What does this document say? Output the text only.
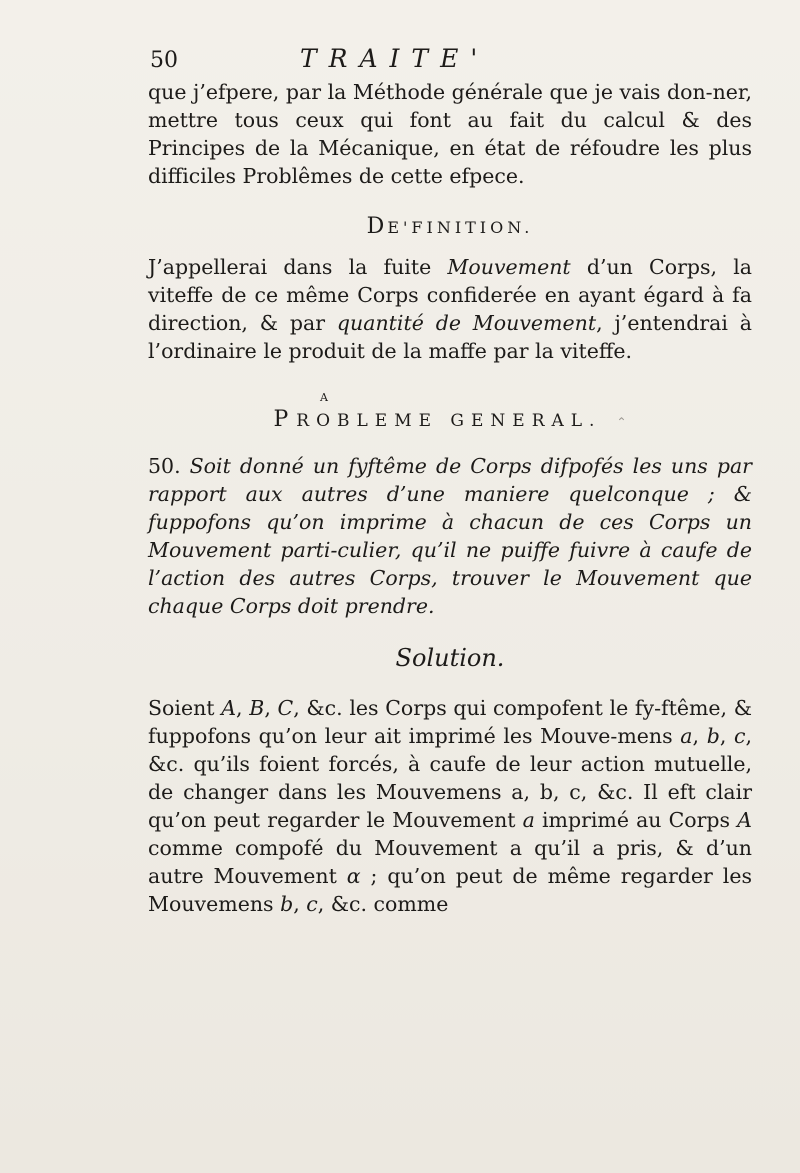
50	TRAITE'

que j’efpere, par la Méthode générale que je vais don-ner, mettre tous ceux qui font au fait du calcul & des Principes de la Mécanique, en état de réfoudre les plus difficiles Problêmes de cette efpece.

DE'FINITION.

J’appellerai dans la fuite Mouvement d’un Corps, la viteffe de ce même Corps confiderée en ayant égard à fa direction, & par quantité de Mouvement, j’entendrai à l’ordinaire le produit de la maffe par la viteffe.

A
PROBLEME GENERAL. ⌃

50. Soit donné un fyftême de Corps difpofés les uns par rapport aux autres d’une maniere quelconque ; & fuppofons qu’on imprime à chacun de ces Corps un Mouvement parti-culier, qu’il ne puiffe fuivre à caufe de l’action des autres Corps, trouver le Mouvement que chaque Corps doit prendre.

Solution.

Soient A, B, C, &c. les Corps qui compofent le fy-ftême, & fuppofons qu’on leur ait imprimé les Mouve-mens a, b, c, &c. qu’ils foient forcés, à caufe de leur action mutuelle, de changer dans les Mouvemens a, b, c, &c. Il eft clair qu’on peut regarder le Mouvement a imprimé au Corps A comme compofé du Mouvement a qu’il a pris, & d’un autre Mouvement α ; qu’on peut de même regarder les Mouvemens b, c, &c. comme
